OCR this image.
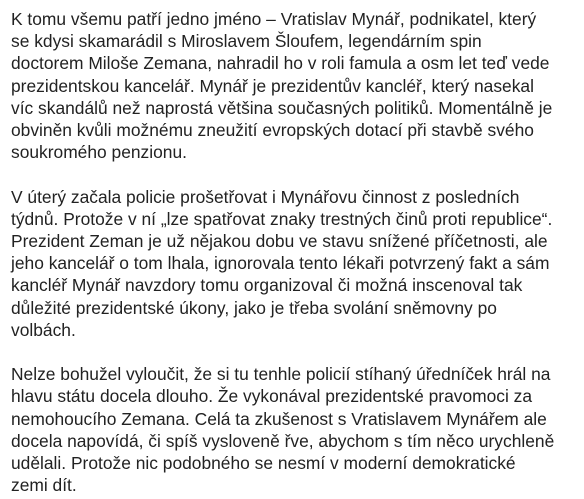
K tomu všemu patří jedno jméno – Vratislav Mynář, podnikatel, který
se kdysi skamarádil s Miroslavem Šloufem, legendárním spin
doctorem Miloše Zemana, nahradil ho v roli famula a osm let teď vede
prezidentskou kancelář. Mynář je prezidentův kancléř, který nasekal
víc skandálů než naprostá většina současných politiků. Momentálně je
obviněn kvůli možnému zneužití evropských dotací při stavbě svého
soukromého penzionu.

V úterý začala policie prošetřovat i Mynářovu činnost z posledních
týdnů. Protože v ní „lze spatřovat znaky trestných činů proti republice“.
Prezident Zeman je už nějakou dobu ve stavu snížené příčetnosti, ale
jeho kancelář o tom lhala, ignorovala tento lékaři potvrzený fakt a sám
kancléř Mynář navzdory tomu organizoval či možná inscenoval tak
důležité prezidentské úkony, jako je třeba svolání sněmovny po
volbách.

Nelze bohužel vyloučit, že si tu tenhle policií stíhaný úředníček hrál na
hlavu státu docela dlouho. Že vykonával prezidentské pravomoci za
nemohoucího Zemana. Celá ta zkušenost s Vratislavem Mynářem ale
docela napovídá, či spíš vysloveně řve, abychom s tím něco urychleně
udělali. Protože nic podobného se nesmí v moderní demokratické
zemi dít.
